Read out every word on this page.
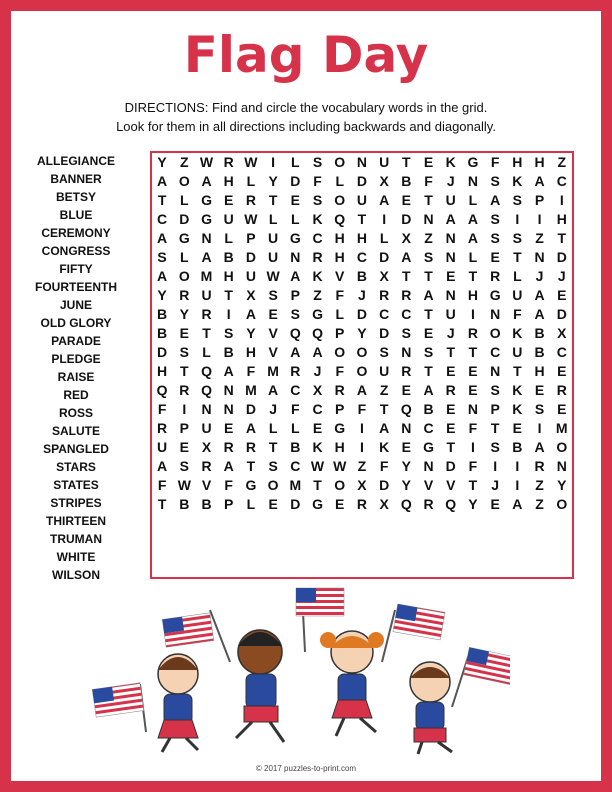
Flag Day
DIRECTIONS: Find and circle the vocabulary words in the grid.
Look for them in all directions including backwards and diagonally.
ALLEGIANCE
BANNER
BETSY
BLUE
CEREMONY
CONGRESS
FIFTY
FOURTEENTH
JUNE
OLD GLORY
PARADE
PLEDGE
RAISE
RED
ROSS
SALUTE
SPANGLED
STARS
STATES
STRIPES
THIRTEEN
TRUMAN
WHITE
WILSON
Y Z W R W I	L S O N U T E K G F H H Z
A O A H L Y D F L D X B F	J N S K A C
T L G E R T E S O U A E T U L A S P	I
C D G U W L L K Q T	I	D N A A S	I	I	H
A G N L P U G C H H L X Z N A S S Z T
S L A B D U N R H C D A S N L E T N D
A O M H U W A K V B X T T E T R L	J	J
Y R U T X S P Z F	J R R A N H G U A E
B Y R	I	A E S G L D C C T U	I	N F A D
B E T S Y V Q Q P Y D S E J R O K B X
D S L B H V A A O O S N S T T C U B C
H T Q A F M R J	F O U R T E E N T H E
Q R Q N M A C X R A Z E A R E S K E R
F	I	N N D J	F C P F T Q B E N P K S E
R P U E A L L E G	I	A N C E F T E	I	M
U E X R R T B K H	I	K E G T	I	S B A O
A S R A T S C W W Z F Y N D F	I	I	R N
F W V F G O M T O X D Y V V T	J	I	Z Y
T B B P L E D G E R X Q R Q Y E A Z O
© 2017 puzzles-to-print.com
